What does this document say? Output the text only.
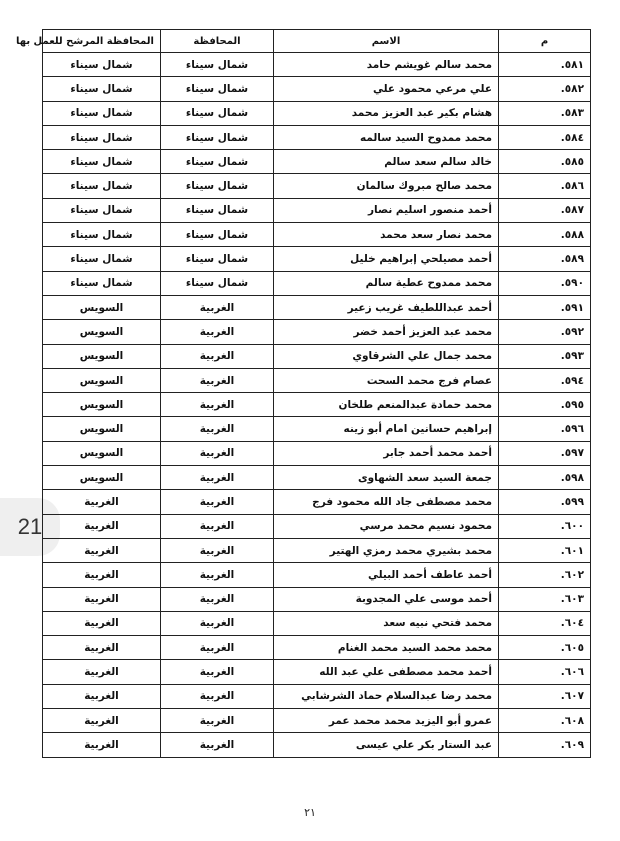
21
م	الاسم	المحافظة	المحافظة المرشح للعمل بها
٥٨١.	محمد سالم غويشم حامد	شمال سيناء	شمال سيناء
٥٨٢.	علي مرعي محمود علي	شمال سيناء	شمال سيناء
٥٨٣.	هشام بكير عبد العزيز محمد	شمال سيناء	شمال سيناء
٥٨٤.	محمد ممدوح السيد سالمه	شمال سيناء	شمال سيناء
٥٨٥.	خالد سالم سعد سالم	شمال سيناء	شمال سيناء
٥٨٦.	محمد صالح مبروك سالمان	شمال سيناء	شمال سيناء
٥٨٧.	أحمد منصور اسليم نصار	شمال سيناء	شمال سيناء
٥٨٨.	محمد نصار سعد محمد	شمال سيناء	شمال سيناء
٥٨٩.	أحمد مصيلحي إبراهيم خليل	شمال سيناء	شمال سيناء
٥٩٠.	محمد ممدوح عطية سالم	شمال سيناء	شمال سيناء
٥٩١.	أحمد عبداللطيف غريب زعير	الغربية	السويس
٥٩٢.	محمد عبد العزيز أحمد خضر	الغربية	السويس
٥٩٣.	محمد جمال علي الشرقاوي	الغربية	السويس
٥٩٤.	عصام فرج محمد السحت	الغربية	السويس
٥٩٥.	محمد حمادة عبدالمنعم طلخان	الغربية	السويس
٥٩٦.	إبراهيم حسانين امام أبو زينه	الغربية	السويس
٥٩٧.	أحمد محمد أحمد جابر	الغربية	السويس
٥٩٨.	جمعة السيد سعد الشهاوى	الغربية	السويس
٥٩٩.	محمد مصطفى جاد الله محمود فرج	الغربية	الغربية
٦٠٠.	محمود نسيم محمد مرسي	الغربية	الغربية
٦٠١.	محمد بشيري محمد رمزي الهتير	الغربية	الغربية
٦٠٢.	أحمد عاطف أحمد البيلي	الغربية	الغربية
٦٠٣.	أحمد موسى علي المجدوبة	الغربية	الغربية
٦٠٤.	محمد فتحي نبيه سعد	الغربية	الغربية
٦٠٥.	محمد محمد السيد محمد الغنام	الغربية	الغربية
٦٠٦.	أحمد محمد مصطفى علي عبد الله	الغربية	الغربية
٦٠٧.	محمد رضا عبدالسلام حماد الشرشابي	الغربية	الغربية
٦٠٨.	عمرو أبو اليزيد محمد محمد عمر	الغربية	الغربية
٦٠٩.	عبد الستار بكر علي عيسى	الغربية	الغربية
٢١
